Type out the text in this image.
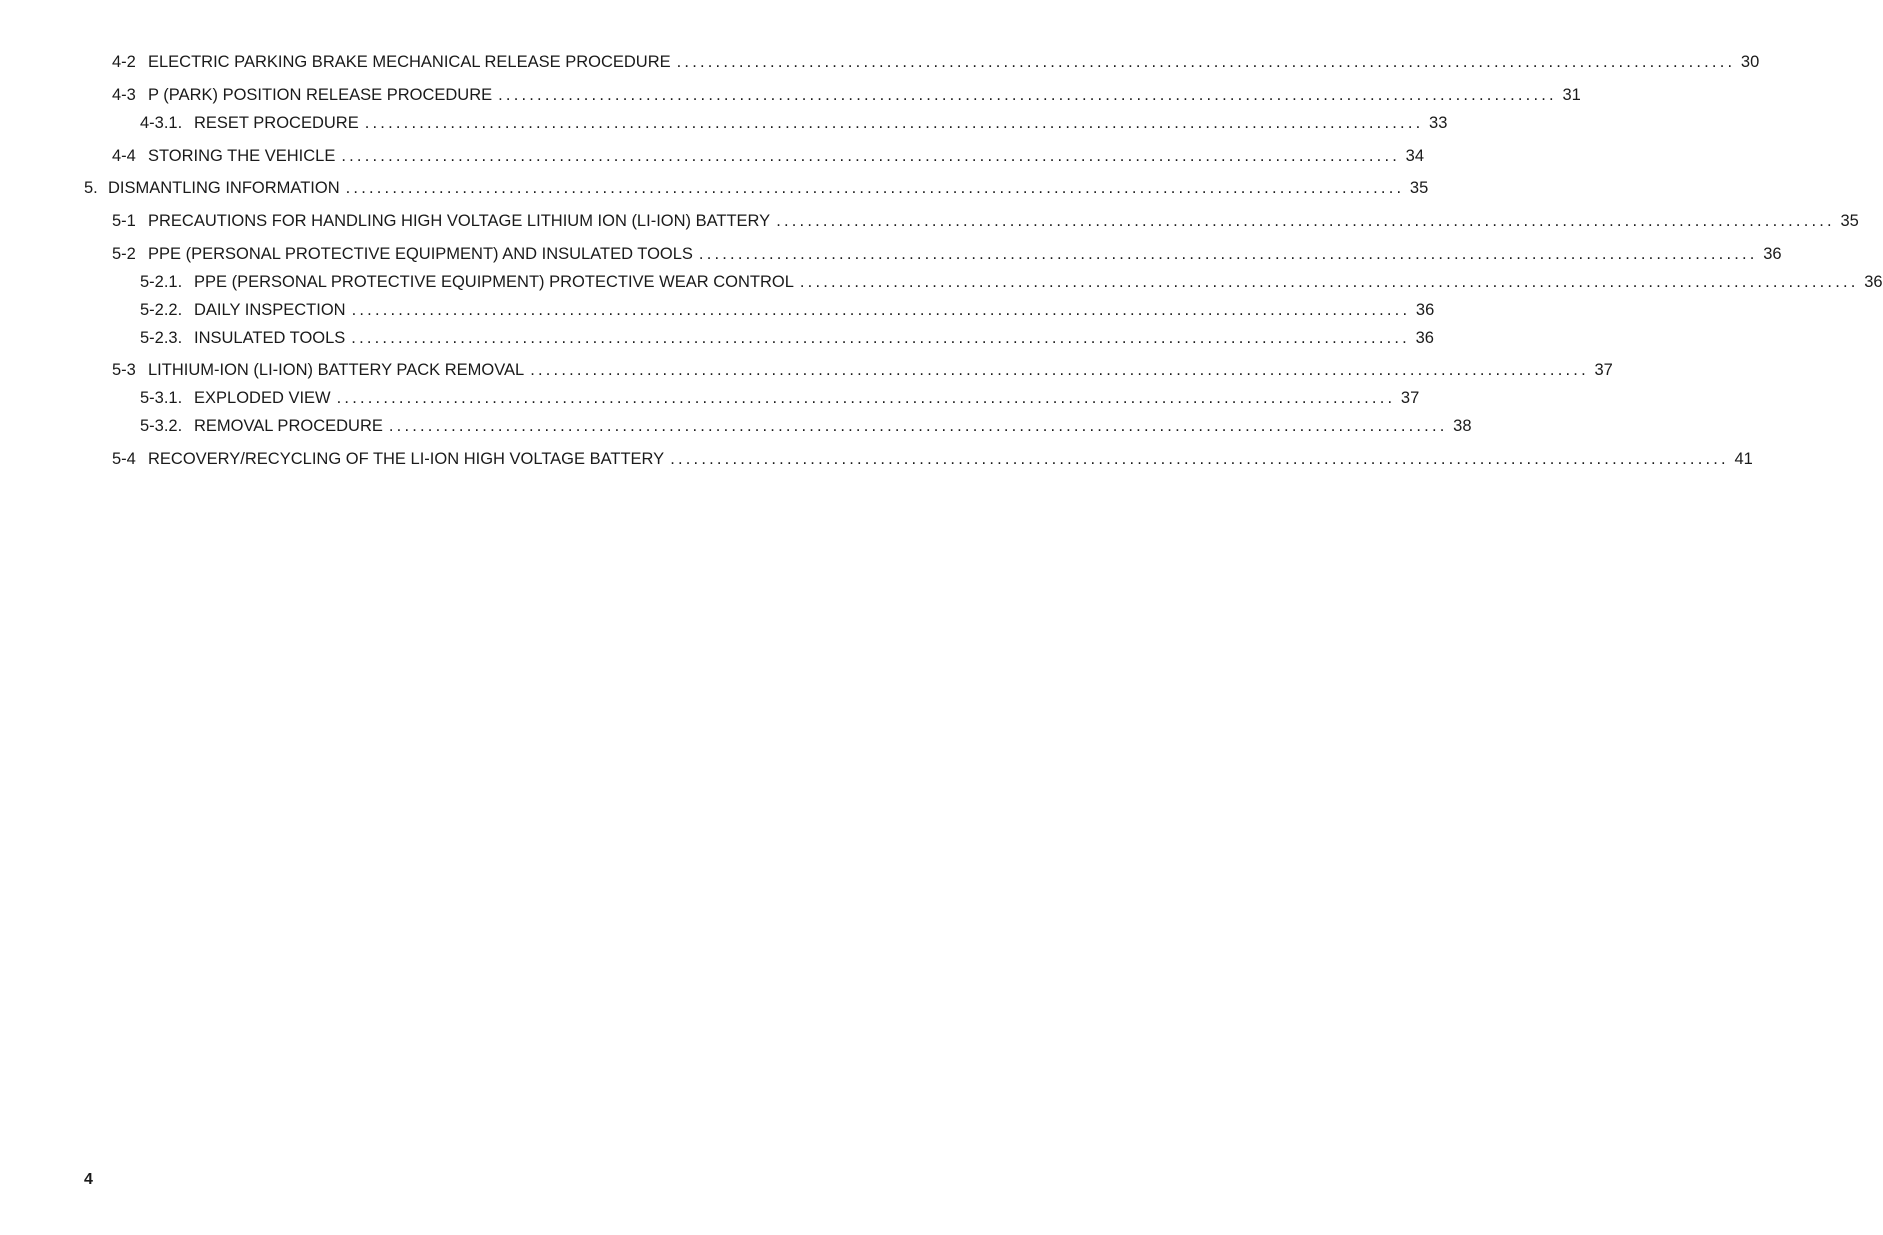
4-2 ELECTRIC PARKING BRAKE MECHANICAL RELEASE PROCEDURE ........................................................................................................................................ 30
4-3 P (PARK) POSITION RELEASE PROCEDURE ........................................................................................................................................ 31
4-3.1. RESET PROCEDURE ........................................................................................................................................ 33
4-4 STORING THE VEHICLE ........................................................................................................................................ 34
5. DISMANTLING INFORMATION ........................................................................................................................................ 35
5-1 PRECAUTIONS FOR HANDLING HIGH VOLTAGE LITHIUM ION (LI-ION) BATTERY ........................................................................................................................................ 35
5-2 PPE (PERSONAL PROTECTIVE EQUIPMENT) AND INSULATED TOOLS ........................................................................................................................................ 36
5-2.1. PPE (PERSONAL PROTECTIVE EQUIPMENT) PROTECTIVE WEAR CONTROL ........................................................................................................................................ 36
5-2.2. DAILY INSPECTION ........................................................................................................................................ 36
5-2.3. INSULATED TOOLS ........................................................................................................................................ 36
5-3 LITHIUM-ION (LI-ION) BATTERY PACK REMOVAL ........................................................................................................................................ 37
5-3.1. EXPLODED VIEW ........................................................................................................................................ 37
5-3.2. REMOVAL PROCEDURE ........................................................................................................................................ 38
5-4 RECOVERY/RECYCLING OF THE LI-ION HIGH VOLTAGE BATTERY ........................................................................................................................................ 41
4
